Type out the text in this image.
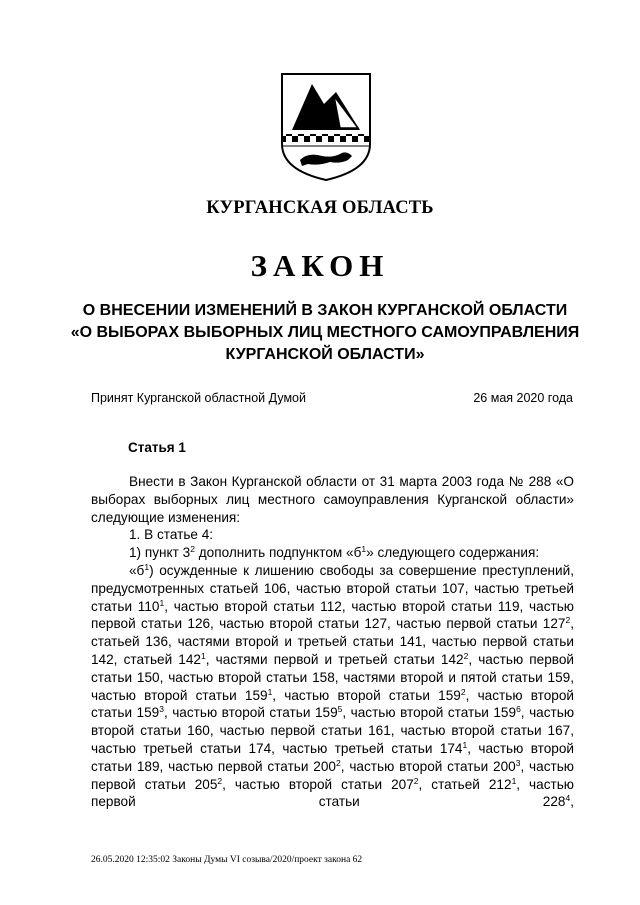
КУРГАНСКАЯ ОБЛАСТЬ
ЗАКОН
О ВНЕСЕНИИ ИЗМЕНЕНИЙ В ЗАКОН КУРГАНСКОЙ ОБЛАСТИ «О ВЫБОРАХ ВЫБОРНЫХ ЛИЦ МЕСТНОГО САМОУПРАВЛЕНИЯ КУРГАНСКОЙ ОБЛАСТИ»
Принят Курганской областной Думой	26 мая 2020 года
Статья 1

Внести в Закон Курганской области от 31 марта 2003 года № 288 «О выборах выборных лиц местного самоуправления Курганской области» следующие изменения:

1. В статье 4:

1) пункт $3^2$ дополнить подпунктом «$б^1$» следующего содержания:

«$б^1$) осужденные к лишению свободы за совершение преступлений, предусмотренных статьей 106, частью второй статьи 107, частью третьей статьи $110^1$, частью второй статьи 112, частью второй статьи 119, частью первой статьи 126, частью второй статьи 127, частью первой статьи $127^2$, статьей 136, частями второй и третьей статьи 141, частью первой статьи 142, статьей $142^1$, частями первой и третьей статьи $142^2$, частью первой статьи 150, частью второй статьи 158, частями второй и пятой статьи 159, частью второй статьи $159^1$, частью второй статьи $159^2$, частью второй статьи $159^3$, частью второй статьи $159^5$, частью второй статьи $159^6$, частью второй статьи 160, частью первой статьи 161, частью второй статьи 167, частью третьей статьи 174, частью третьей статьи $174^1$, частью второй статьи 189, частью первой статьи $200^2$, частью второй статьи $200^3$, частью первой статьи $205^2$, частью второй статьи $207^2$, статьей $212^1$, частью первой статьи $228^4$,

26.05.2020 12:35:02 Законы Думы VI созыва/2020/проект закона 62
